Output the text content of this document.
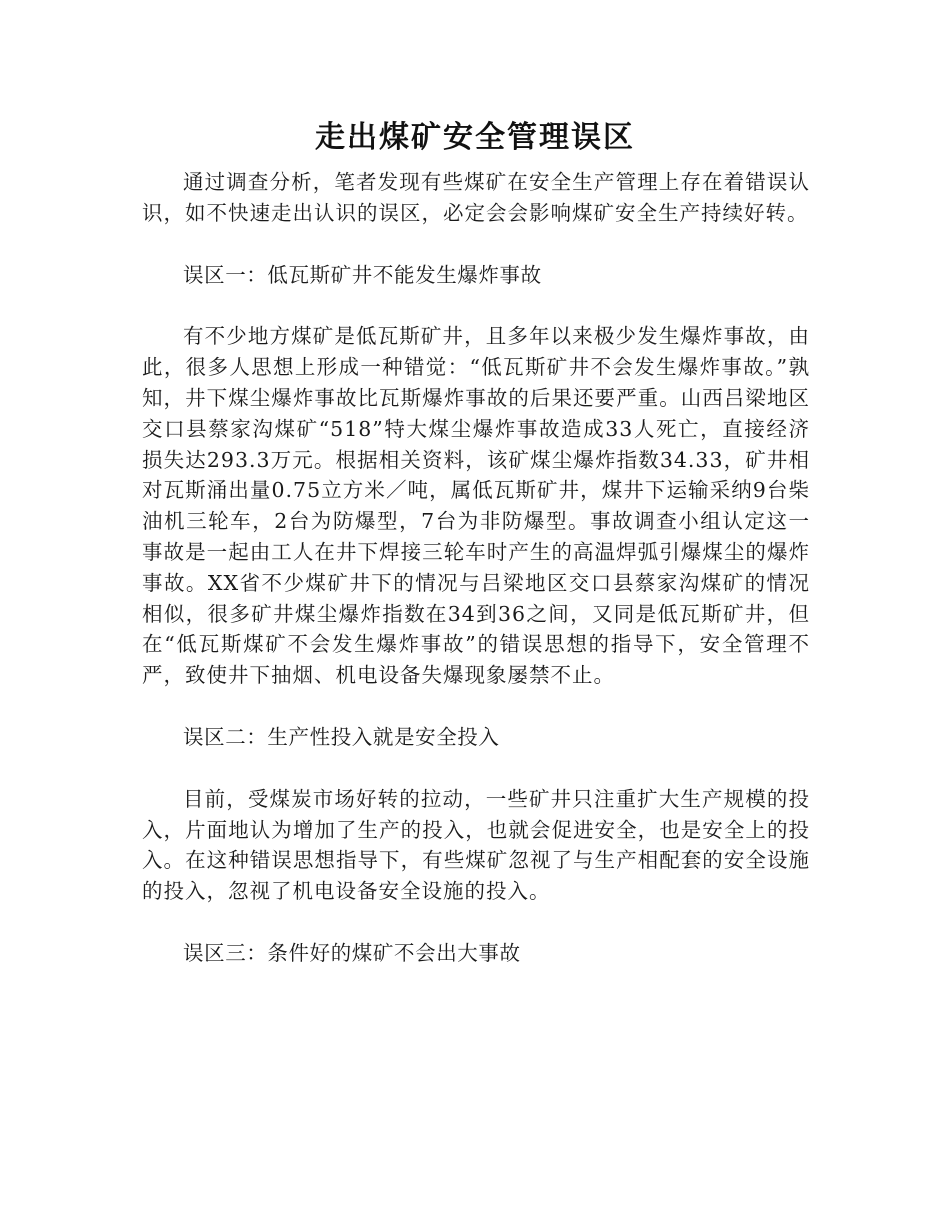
走出煤矿安全管理误区

通过调查分析，笔者发现有些煤矿在安全生产管理上存在着错误认识，如不快速走出认识的误区，必定会会影响煤矿安全生产持续好转。

误区一：低瓦斯矿井不能发生爆炸事故

有不少地方煤矿是低瓦斯矿井，且多年以来极少发生爆炸事故，由此，很多人思想上形成一种错觉：“低瓦斯矿井不会发生爆炸事故。”孰知，井下煤尘爆炸事故比瓦斯爆炸事故的后果还要严重。山西吕梁地区交口县蔡家沟煤矿“518”特大煤尘爆炸事故造成33人死亡，直接经济损失达293.3万元。根据相关资料，该矿煤尘爆炸指数34.33，矿井相对瓦斯涌出量0.75立方米／吨，属低瓦斯矿井，煤井下运输采纳9台柴油机三轮车，2台为防爆型，7台为非防爆型。事故调查小组认定这一事故是一起由工人在井下焊接三轮车时产生的高温焊弧引爆煤尘的爆炸事故。XX省不少煤矿井下的情况与吕梁地区交口县蔡家沟煤矿的情况相似，很多矿井煤尘爆炸指数在34到36之间，又同是低瓦斯矿井，但在“低瓦斯煤矿不会发生爆炸事故”的错误思想的指导下，安全管理不严，致使井下抽烟、机电设备失爆现象屡禁不止。

误区二：生产性投入就是安全投入

目前，受煤炭市场好转的拉动，一些矿井只注重扩大生产规模的投入，片面地认为增加了生产的投入，也就会促进安全，也是安全上的投入。在这种错误思想指导下，有些煤矿忽视了与生产相配套的安全设施的投入，忽视了机电设备安全设施的投入。

误区三：条件好的煤矿不会出大事故
